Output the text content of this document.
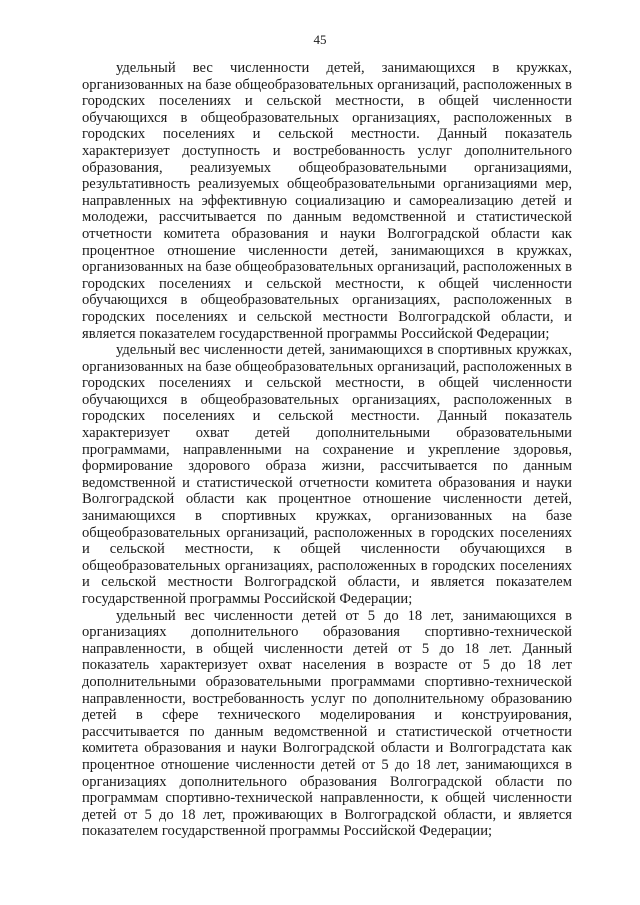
45

удельный вес численности детей, занимающихся в кружках, организованных на базе общеобразовательных организаций, расположенных в городских поселениях и сельской местности, в общей численности обучающихся в общеобразовательных организациях, расположенных в городских поселениях и сельской местности. Данный показатель характеризует доступность и востребованность услуг дополнительного образования, реализуемых общеобразовательными организациями, результативность реализуемых общеобразовательными организациями мер, направленных на эффективную социализацию и самореализацию детей и молодежи, рассчитывается по данным ведомственной и статистической отчетности комитета образования и науки Волгоградской области как процентное отношение численности детей, занимающихся в кружках, организованных на базе общеобразовательных организаций, расположенных в городских поселениях и сельской местности, к общей численности обучающихся в общеобразовательных организациях, расположенных в городских поселениях и сельской местности Волгоградской области, и является показателем государственной программы Российской Федерации;

удельный вес численности детей, занимающихся в спортивных кружках, организованных на базе общеобразовательных организаций, расположенных в городских поселениях и сельской местности, в общей численности обучающихся в общеобразовательных организациях, расположенных в городских поселениях и сельской местности. Данный показатель характеризует охват детей дополнительными образовательными программами, направленными на сохранение и укрепление здоровья, формирование здорового образа жизни, рассчитывается по данным ведомственной и статистической отчетности комитета образования и науки Волгоградской области как процентное отношение численности детей, занимающихся в спортивных кружках, организованных на базе общеобразовательных организаций, расположенных в городских поселениях и сельской местности, к общей численности обучающихся в общеобразовательных организациях, расположенных в городских поселениях и сельской местности Волгоградской области, и является показателем государственной программы Российской Федерации;

удельный вес численности детей от 5 до 18 лет, занимающихся в организациях дополнительного образования спортивно-технической направленности, в общей численности детей от 5 до 18 лет. Данный показатель характеризует охват населения в возрасте от 5 до 18 лет дополнительными образовательными программами спортивно-технической направленности, востребованность услуг по дополнительному образованию детей в сфере технического моделирования и конструирования, рассчитывается по данным ведомственной и статистической отчетности комитета образования и науки Волгоградской области и Волгоградстата как процентное отношение численности детей от 5 до 18 лет, занимающихся в организациях дополнительного образования Волгоградской области по программам спортивно-технической направленности, к общей численности детей от 5 до 18 лет, проживающих в Волгоградской области, и является показателем государственной программы Российской Федерации;
